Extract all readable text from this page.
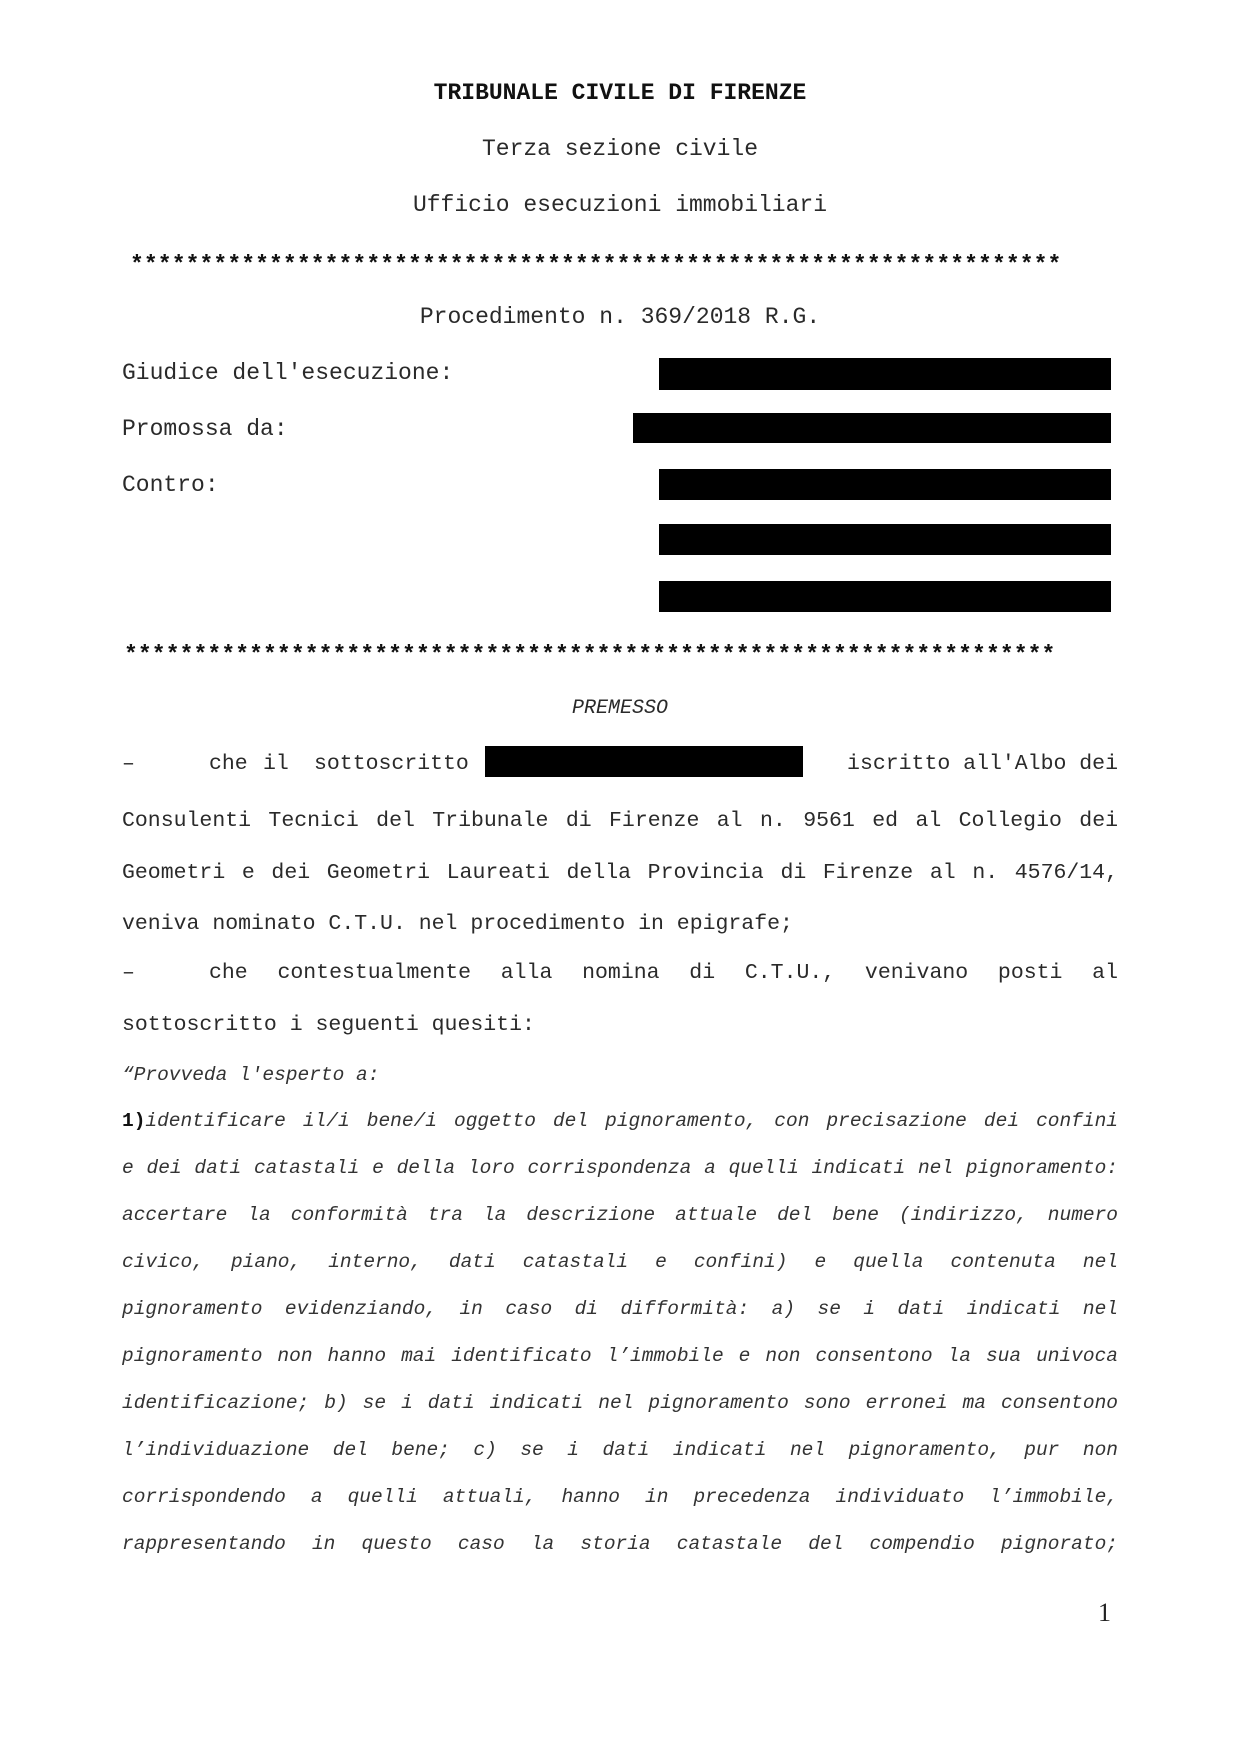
TRIBUNALE CIVILE DI FIRENZE
Terza sezione civile
Ufficio esecuzioni immobiliari
*******************************************************************
Procedimento n. 369/2018 R.G.
Giudice dell'esecuzione:
Promossa da:
Contro:
*******************************************************************
PREMESSO
–	che il sottoscritto	iscritto all'Albo dei
Consulenti Tecnici del Tribunale di Firenze al n. 9561 ed al Collegio dei
Geometri e dei Geometri Laureati della Provincia di Firenze al n. 4576/14,
veniva nominato C.T.U. nel procedimento in epigrafe;
–	che contestualmente alla nomina di C.T.U., venivano posti al
sottoscritto i seguenti quesiti:
“Provveda l'esperto a:
1)identificare il/i bene/i oggetto del pignoramento, con precisazione dei confini
e dei dati catastali e della loro corrispondenza a quelli indicati nel pignoramento:
accertare la conformità tra la descrizione attuale del bene (indirizzo, numero
civico, piano, interno, dati catastali e confini) e quella contenuta nel
pignoramento evidenziando, in caso di difformità: a) se i dati indicati nel
pignoramento non hanno mai identificato l’immobile e non consentono la sua univoca
identificazione; b) se i dati indicati nel pignoramento sono erronei ma consentono
l’individuazione del bene; c) se i dati indicati nel pignoramento, pur non
corrispondendo a quelli attuali, hanno in precedenza individuato l’immobile,
rappresentando in questo caso la storia catastale del compendio pignorato;
1
